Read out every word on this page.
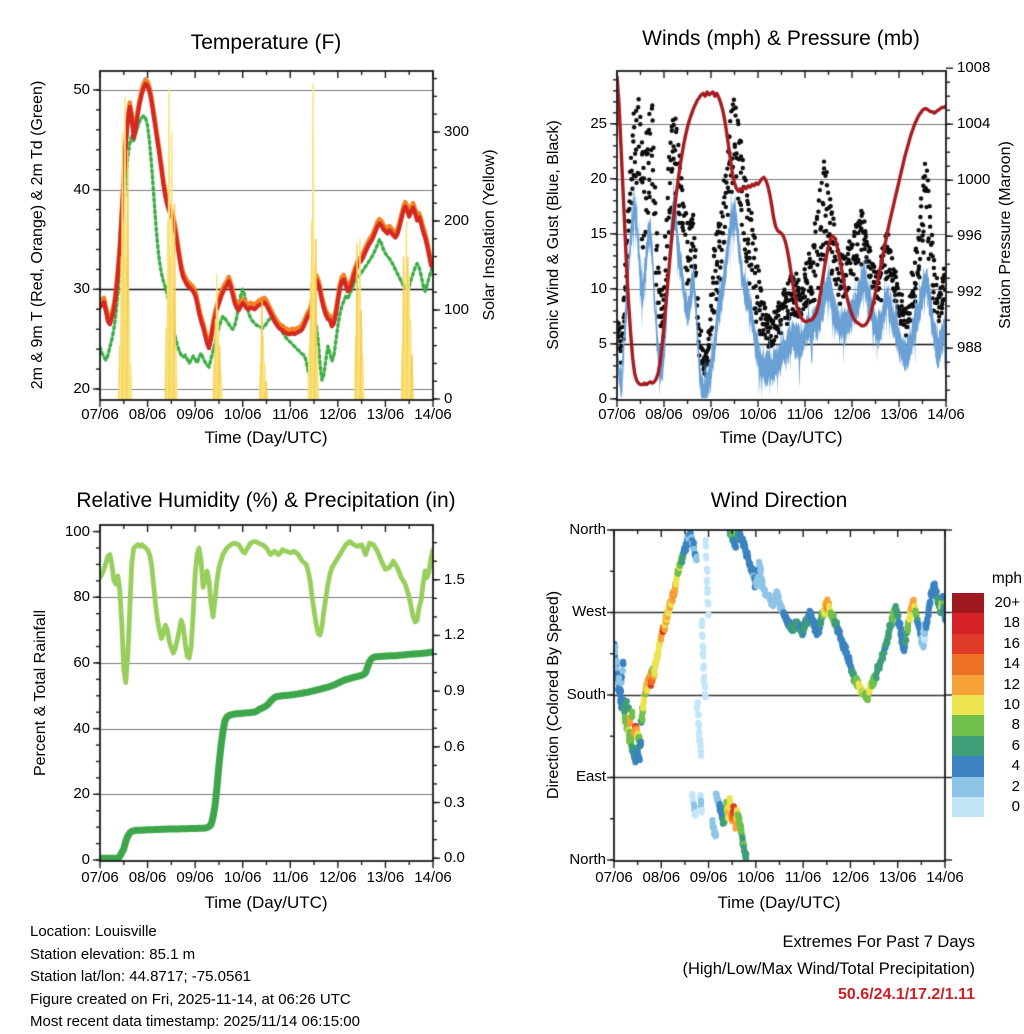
Temperature (F)	Winds (mph) & Pressure (mb)
Relative Humidity (%) & Precipitation (in)	Wind Direction
Time (Day/UTC)	Time (Day/UTC)
Time (Day/UTC)	Time (Day/UTC)
2m & 9m T (Red, Orange) & 2m Td (Green)	Solar Insolation (Yellow)	Sonic Wind & Gust (Blue, Black)	Station Pressure (Maroon)
Percent & Total Rainfall	Direction (Colored By Speed)
mph
50
40
30
20
300
200
100
0
07/06 08/06 09/06 10/06 11/06 12/06 13/06 14/06
25
20
15
10
5
0
1008
1004
1000
996
992
988
07/06 08/06 09/06 10/06 11/06 12/06 13/06 14/06
100
80
60
40
20
0
1.5
1.2
0.9
0.6
0.3
0.0
07/06 08/06 09/06 10/06 11/06 12/06 13/06 14/06
North
West
South
East
North
07/06 08/06 09/06 10/06 11/06 12/06 13/06 14/06
20+
18
16
14
12
10
8
6
4
2
0
Location: Louisville
Station elevation: 85.1 m
Station lat/lon: 44.8717; -75.0561
Figure created on Fri, 2025-11-14, at 06:26 UTC
Most recent data timestamp: 2025/11/14 06:15:00
Extremes For Past 7 Days
(High/Low/Max Wind/Total Precipitation)
50.6/24.1/17.2/1.11
